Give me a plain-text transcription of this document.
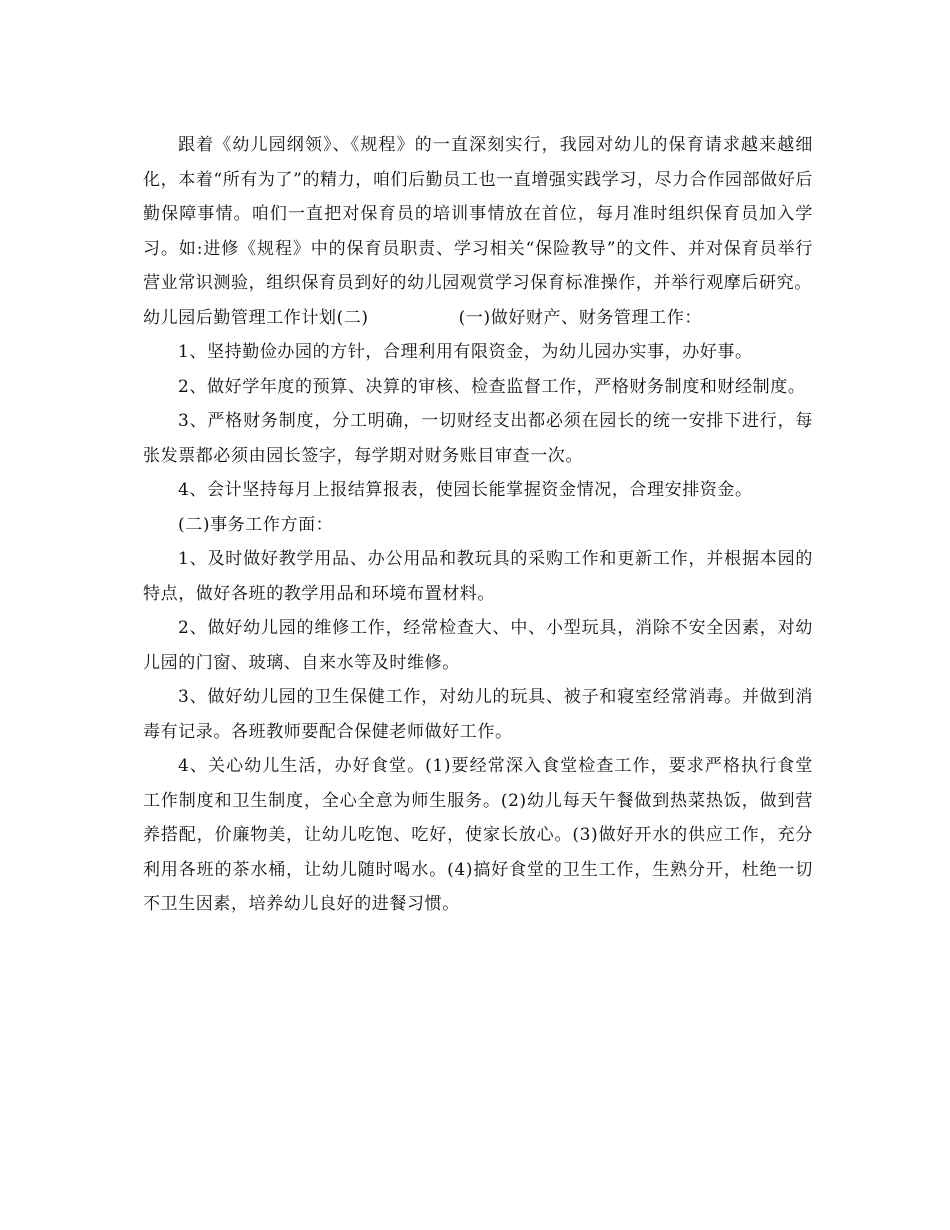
跟着《幼儿园纲领》、《规程》的一直深刻实行，我园对幼儿的保育请求越来越细化，本着“所有为了”的精力，咱们后勤员工也一直增强实践学习，尽力合作园部做好后勤保障事情。咱们一直把对保育员的培训事情放在首位，每月准时组织保育员加入学习。如:进修《规程》中的保育员职责、学习相关“保险教导”的文件、并对保育员举行营业常识测验，组织保育员到好的幼儿园观赏学习保育标准操作，并举行观摩后研究。

幼儿园后勤管理工作计划(二)	(一)做好财产、财务管理工作：

1、坚持勤俭办园的方针，合理利用有限资金，为幼儿园办实事，办好事。

2、做好学年度的预算、决算的审核、检查监督工作，严格财务制度和财经制度。

3、严格财务制度，分工明确，一切财经支出都必须在园长的统一安排下进行，每张发票都必须由园长签字，每学期对财务账目审查一次。

4、会计坚持每月上报结算报表，使园长能掌握资金情况，合理安排资金。

(二)事务工作方面：

1、及时做好教学用品、办公用品和教玩具的采购工作和更新工作，并根据本园的特点，做好各班的教学用品和环境布置材料。

2、做好幼儿园的维修工作，经常检查大、中、小型玩具，消除不安全因素，对幼儿园的门窗、玻璃、自来水等及时维修。

3、做好幼儿园的卫生保健工作，对幼儿的玩具、被子和寝室经常消毒。并做到消毒有记录。各班教师要配合保健老师做好工作。

4、关心幼儿生活，办好食堂。(1)要经常深入食堂检查工作，要求严格执行食堂工作制度和卫生制度，全心全意为师生服务。(2)幼儿每天午餐做到热菜热饭，做到营养搭配，价廉物美，让幼儿吃饱、吃好，使家长放心。(3)做好开水的供应工作，充分利用各班的茶水桶，让幼儿随时喝水。(4)搞好食堂的卫生工作，生熟分开，杜绝一切不卫生因素，培养幼儿良好的进餐习惯。
